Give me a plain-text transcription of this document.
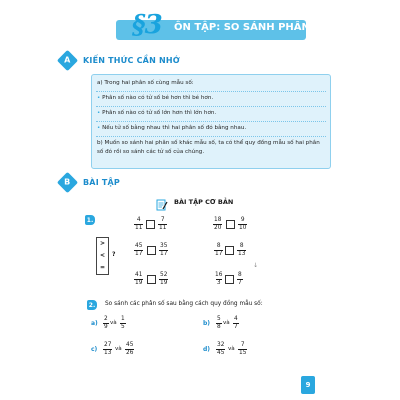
§3 ÔN TẬP: SO SÁNH PHÂN SỐ
A KIẾN THỨC CẦN NHỚ
a) Trong hai phân số cùng mẫu số:
• Phân số nào có tử số bé hơn thì bé hơn.
• Phân số nào có tử số lớn hơn thì lớn hơn.
• Nếu tử số bằng nhau thì hai phân số đó bằng nhau.
b) Muốn so sánh hai phân số khác mẫu số, ta có thể quy đồng mẫu số hai phân số đó rồi so sánh các tử số của chúng.
B BÀI TẬP
BÀI TẬP CƠ BẢN
1.
>
<
=
?
$\frac{4}{11}$	$\frac{7}{11}$	$\frac{18}{20}$	$\frac{9}{10}$
$\frac{45}{17}$	$\frac{35}{17}$	$\frac{8}{17} \frac{8}{13}$
↓
$\frac{41}{19}$	$\frac{52}{19}$	$\frac{16}{3} \frac{8}{7}$
2.	So sánh các phân số sau bằng cách quy đồng mẫu số:
$a) \frac{2}{9}$ và $\frac{1}{5}$	$b) \frac{5}{8}$ và $\frac{4}{7}$
$c) \frac{27}{13}$ và $\frac{45}{26}$	$d) \frac{32}{45}$ và $\frac{7}{15}$
9
